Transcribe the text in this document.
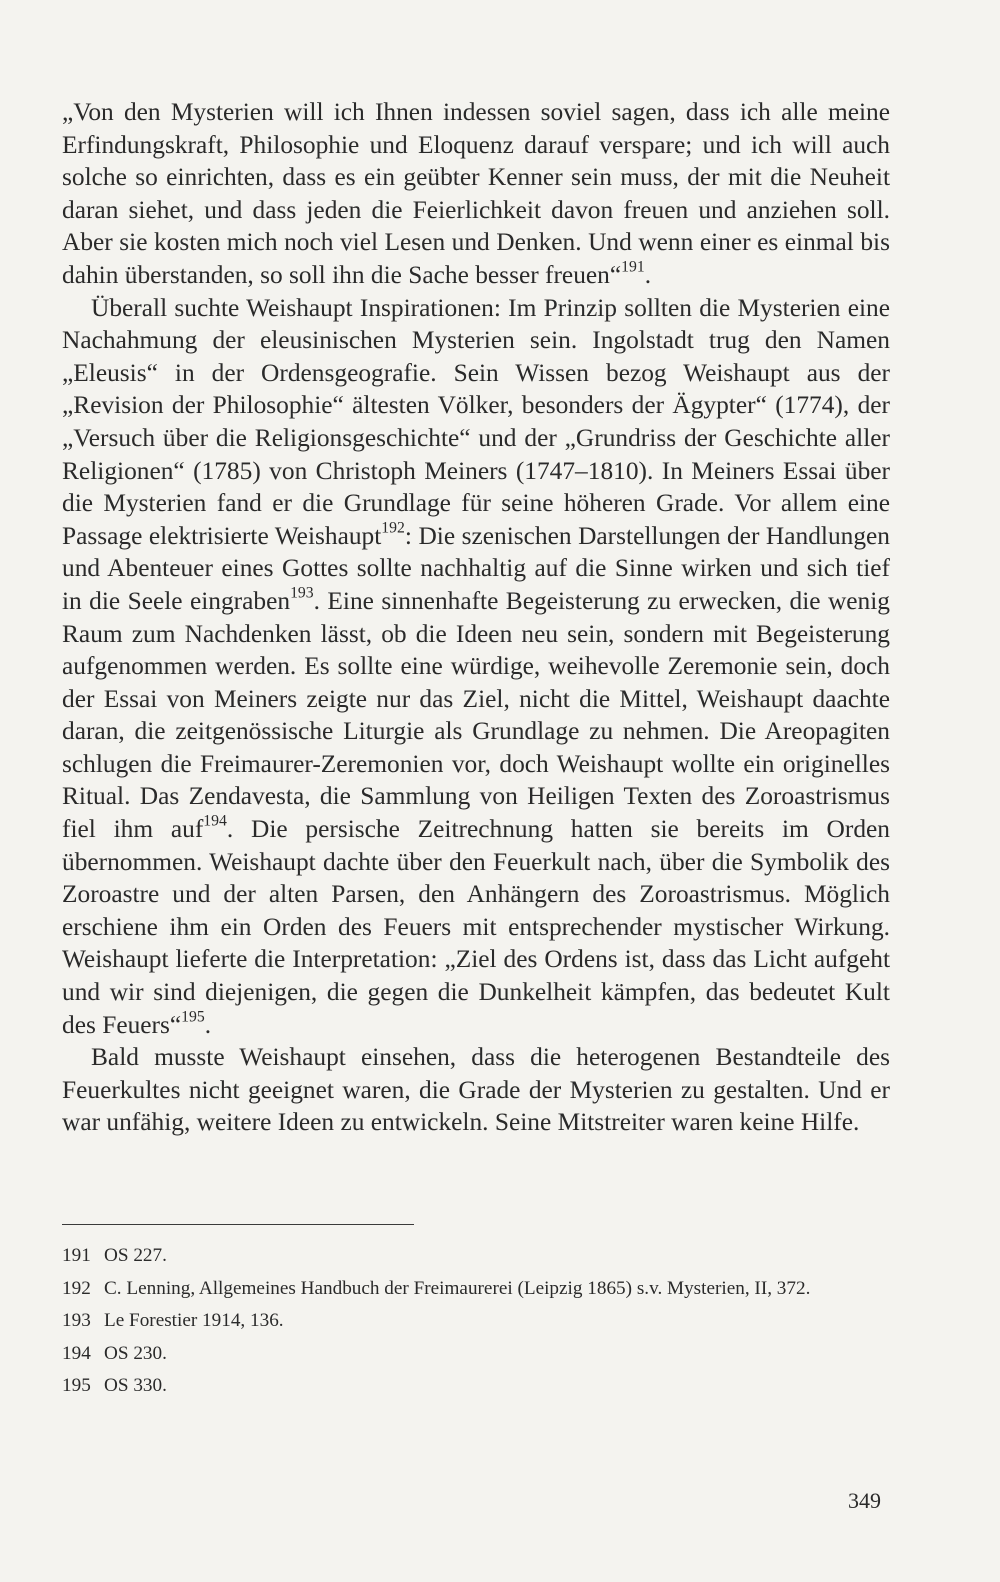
„Von den Mysterien will ich Ihnen indessen soviel sagen, dass ich alle meine Erfindungskraft, Philosophie und Eloquenz darauf verspare; und ich will auch solche so einrichten, dass es ein geübter Kenner sein muss, der mit die Neuheit daran siehet, und dass jeden die Feierlichkeit davon freuen und anziehen soll. Aber sie kosten mich noch viel Lesen und Denken. Und wenn einer es einmal bis dahin überstanden, so soll ihn die Sache besser freuen“$^{191}$.

Überall suchte Weishaupt Inspirationen: Im Prinzip sollten die Mysterien eine Nachahmung der eleusinischen Mysterien sein. Ingolstadt trug den Namen „Eleusis“ in der Ordensgeografie. Sein Wissen bezog Weishaupt aus der „Revision der Philosophie“ ältesten Völker, besonders der Ägypter“ (1774), der „Versuch über die Religionsgeschichte“ und der „Grundriss der Geschichte aller Religionen“ (1785) von Christoph Meiners (1747–1810). In Meiners Essai über die Mysterien fand er die Grundlage für seine höheren Grade. Vor allem eine Passage elektrisierte Weishaupt$^{192}$: Die szenischen Darstellungen der Handlungen und Abenteuer eines Gottes sollte nachhaltig auf die Sinne wirken und sich tief in die Seele eingraben$^{193}$. Eine sinnenhafte Begeisterung zu erwecken, die wenig Raum zum Nachdenken lässt, ob die Ideen neu sein, sondern mit Begeisterung aufgenommen werden. Es sollte eine würdige, weihevolle Zeremonie sein, doch der Essai von Meiners zeigte nur das Ziel, nicht die Mittel, Weishaupt daachte daran, die zeitgenössische Liturgie als Grundlage zu nehmen. Die Areopagiten schlugen die Freimaurer-Zeremonien vor, doch Weishaupt wollte ein originelles Ritual. Das Zendavesta, die Sammlung von Heiligen Texten des Zoroastrismus fiel ihm auf$^{194}$. Die persische Zeitrechnung hatten sie bereits im Orden übernommen. Weishaupt dachte über den Feuerkult nach, über die Symbolik des Zoroastre und der alten Parsen, den Anhängern des Zoroastrismus. Möglich erschiene ihm ein Orden des Feuers mit entsprechender mystischer Wirkung. Weishaupt lieferte die Interpretation: „Ziel des Ordens ist, dass das Licht aufgeht und wir sind diejenigen, die gegen die Dunkelheit kämpfen, das bedeutet Kult des Feuers“$^{195}$.

Bald musste Weishaupt einsehen, dass die heterogenen Bestandteile des Feuerkultes nicht geeignet waren, die Grade der Mysterien zu gestalten. Und er war unfähig, weitere Ideen zu entwickeln. Seine Mitstreiter waren keine Hilfe.

191 OS 227.
192 C. Lenning, Allgemeines Handbuch der Freimaurerei (Leipzig 1865) s.v. Mysterien, II, 372.
193 Le Forestier 1914, 136.
194 OS 230.
195 OS 330.
349
